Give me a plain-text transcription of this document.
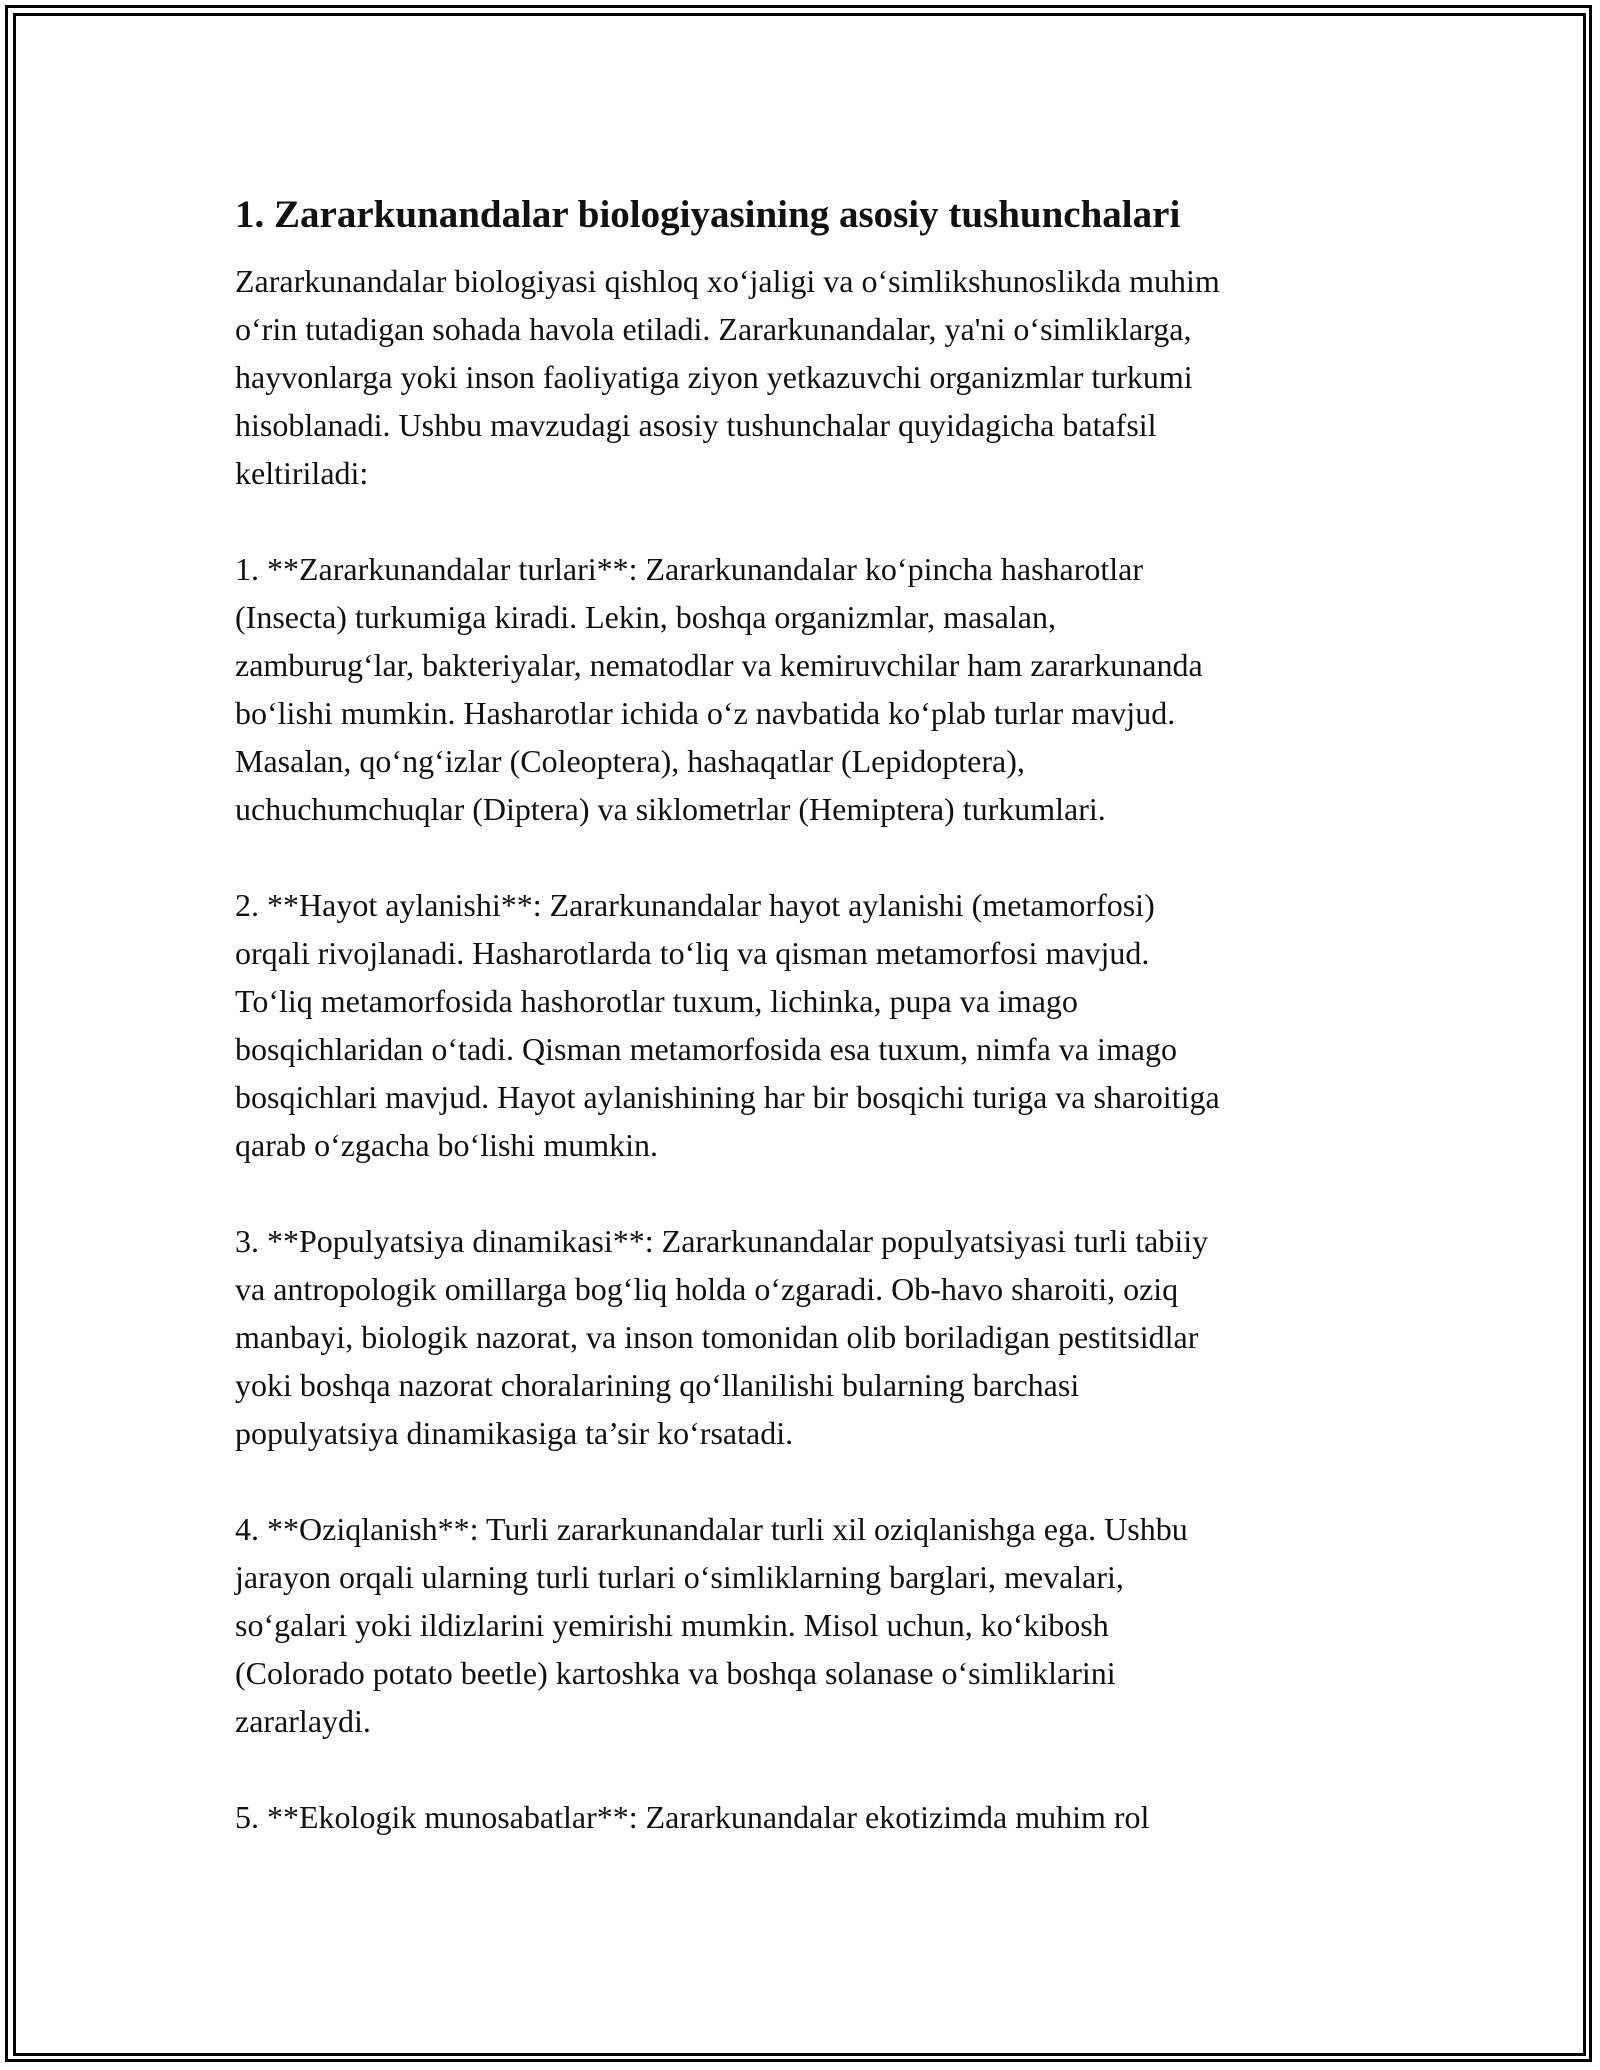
1. Zararkunandalar biologiyasining asosiy tushunchalari

Zararkunandalar biologiyasi qishloq xo‘jaligi va o‘simlikshunoslikda muhim
o‘rin tutadigan sohada havola etiladi. Zararkunandalar, ya'ni o‘simliklarga,
hayvonlarga yoki inson faoliyatiga ziyon yetkazuvchi organizmlar turkumi
hisoblanadi. Ushbu mavzudagi asosiy tushunchalar quyidagicha batafsil
keltiriladi:

1. **Zararkunandalar turlari**: Zararkunandalar ko‘pincha hasharotlar
(Insecta) turkumiga kiradi. Lekin, boshqa organizmlar, masalan,
zamburug‘lar, bakteriyalar, nematodlar va kemiruvchilar ham zararkunanda
bo‘lishi mumkin. Hasharotlar ichida o‘z navbatida ko‘plab turlar mavjud.
Masalan, qo‘ng‘izlar (Coleoptera), hashaqatlar (Lepidoptera),
uchuchumchuqlar (Diptera) va siklometrlar (Hemiptera) turkumlari.

2. **Hayot aylanishi**: Zararkunandalar hayot aylanishi (metamorfosi)
orqali rivojlanadi. Hasharotlarda to‘liq va qisman metamorfosi mavjud.
To‘liq metamorfosida hashorotlar tuxum, lichinka, pupa va imago
bosqichlaridan o‘tadi. Qisman metamorfosida esa tuxum, nimfa va imago
bosqichlari mavjud. Hayot aylanishining har bir bosqichi turiga va sharoitiga
qarab o‘zgacha bo‘lishi mumkin.

3. **Populyatsiya dinamikasi**: Zararkunandalar populyatsiyasi turli tabiiy
va antropologik omillarga bog‘liq holda o‘zgaradi. Ob-havo sharoiti, oziq
manbayi, biologik nazorat, va inson tomonidan olib boriladigan pestitsidlar
yoki boshqa nazorat choralarining qo‘llanilishi bularning barchasi
populyatsiya dinamikasiga ta’sir ko‘rsatadi.

4. **Oziqlanish**: Turli zararkunandalar turli xil oziqlanishga ega. Ushbu
jarayon orqali ularning turli turlari o‘simliklarning barglari, mevalari,
so‘galari yoki ildizlarini yemirishi mumkin. Misol uchun, ko‘kibosh
(Colorado potato beetle) kartoshka va boshqa solanase o‘simliklarini
zararlaydi.

5. **Ekologik munosabatlar**: Zararkunandalar ekotizimda muhim rol
